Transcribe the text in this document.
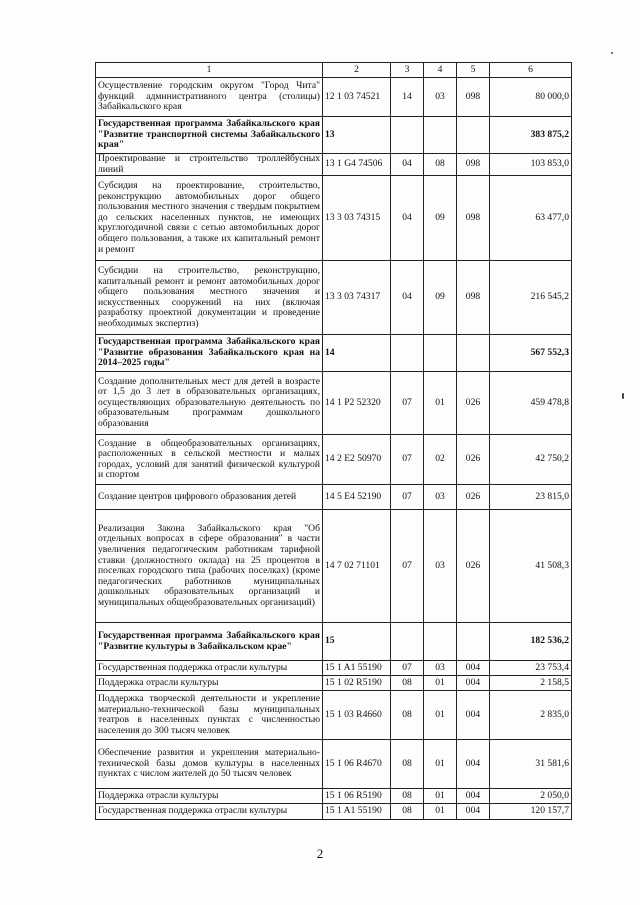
1	2	3	4	5	6
Осуществление городским округом "Город Чита" функций административного центра (столицы) Забайкальского края	12 1 03 74521	14	03	098	80 000,0
Государственная программа Забайкальского края "Развитие транспортной системы Забайкальского края"	13				383 875,2
Проектирование и строительство троллейбусных линий	13 1 G4 74506	04	08	098	103 853,0
Субсидия на проектирование, строительство, реконструкцию автомобильных дорог общего пользования местного значения с твердым покрытием до сельских населенных пунктов, не имеющих круглогодичной связи с сетью автомобильных дорог общего пользования, а также их капитальный ремонт и ремонт	13 3 03 74315	04	09	098	63 477,0
Субсидии на строительство, реконструкцию, капитальный ремонт и ремонт автомобильных дорог общего пользования местного значения и искусственных сооружений на них (включая разработку проектной документации и проведение необходимых экспертиз)	13 3 03 74317	04	09	098	216 545,2
Государственная программа Забайкальского края "Развитие образования Забайкальского края на 2014–2025 годы"	14				567 552,3
Создание дополнительных мест для детей в возрасте от 1,5 до 3 лет в образовательных организациях, осуществляющих образовательную деятельность по образовательным программам дошкольного образования	14 1 P2 52320	07	01	026	459 478,8
Создание в общеобразовательных организациях, расположенных в сельской местности и малых городах, условий для занятий физической культурой и спортом	14 2 E2 50970	07	02	026	42 750,2
Создание центров цифрового образования детей	14 5 E4 52190	07	03	026	23 815,0
Реализация Закона Забайкальского края "Об отдельных вопросах в сфере образования" в части увеличения педагогическим работникам тарифной ставки (должностного оклада) на 25 процентов в поселках городского типа (рабочих поселках) (кроме педагогических работников муниципальных дошкольных образовательных организаций и муниципальных общеобразовательных организаций)	14 7 02 71101	07	03	026	41 508,3
Государственная программа Забайкальского края "Развитие культуры в Забайкальском крае"	15				182 536,2
Государственная поддержка отрасли культуры	15 1 A1 55190	07	03	004	23 753,4
Поддержка отрасли культуры	15 1 02 R5190	08	01	004	2 158,5
Поддержка творческой деятельности и укрепление материально-технической базы муниципальных театров в населенных пунктах с численностью населения до 300 тысяч человек	15 1 03 R4660	08	01	004	2 835,0
Обеспечение развития и укрепления материально-технической базы домов культуры в населенных пунктах с числом жителей до 50 тысяч человек	15 1 06 R4670	08	01	004	31 581,6
Поддержка отрасли культуры	15 1 06 R5190	08	01	004	2 050,0
Государственная поддержка отрасли культуры	15 1 A1 55190	08	01	004	120 157,7
2
